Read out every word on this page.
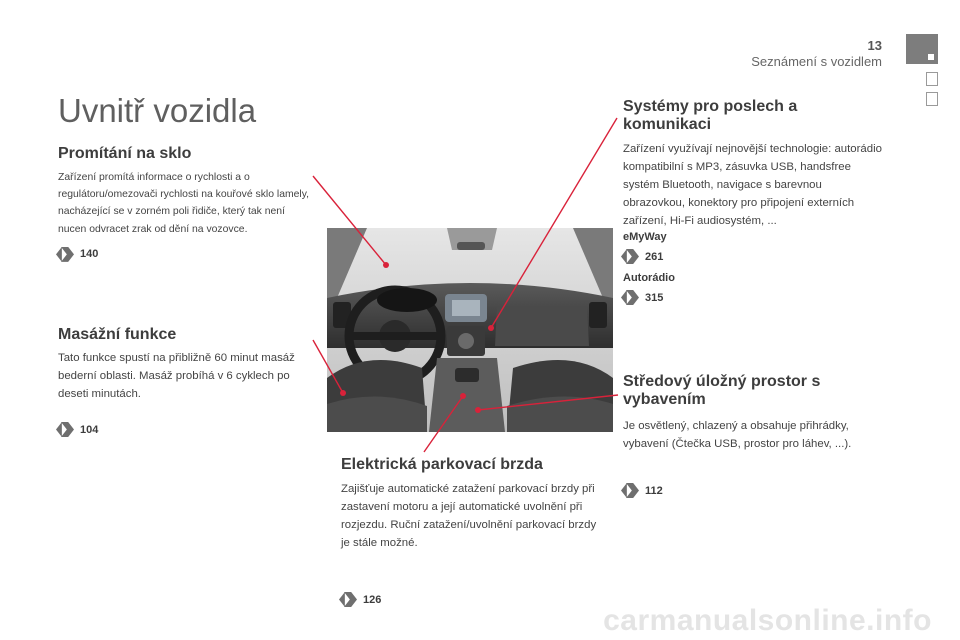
13
Seznámení s vozidlem
Uvnitř vozidla
Promítání na sklo

Zařízení promítá informace o rychlosti a o regulátoru/omezovači rychlosti na kouřové sklo lamely, nacházející se v zorném poli řidiče, který tak není nucen odvracet zrak od dění na vozovce.

140
Masážní funkce

Tato funkce spustí na přibližně 60 minut masáž bederní oblasti. Masáž probíhá v 6 cyklech po deseti minutách.

104
Systémy pro poslech a komunikaci

Zařízení využívají nejnovější technologie: autorádio kompatibilní s MP3, zásuvka USB, handsfree systém Bluetooth, navigace s barevnou obrazovkou, konektory pro připojení externích zařízení, Hi-Fi audiosystém, ...

eMyWay
261
Autorádio
315
Středový úložný prostor s vybavením

Je osvětlený, chlazený a obsahuje přihrádky, vybavení (Čtečka USB, prostor pro láhev, ...).

112
Elektrická parkovací brzda

Zajišťuje automatické zatažení parkovací brzdy při zastavení motoru a její automatické uvolnění při rozjezdu. Ruční zatažení/uvolnění parkovací brzdy je stále možné.

126
carmanualsonline.info
